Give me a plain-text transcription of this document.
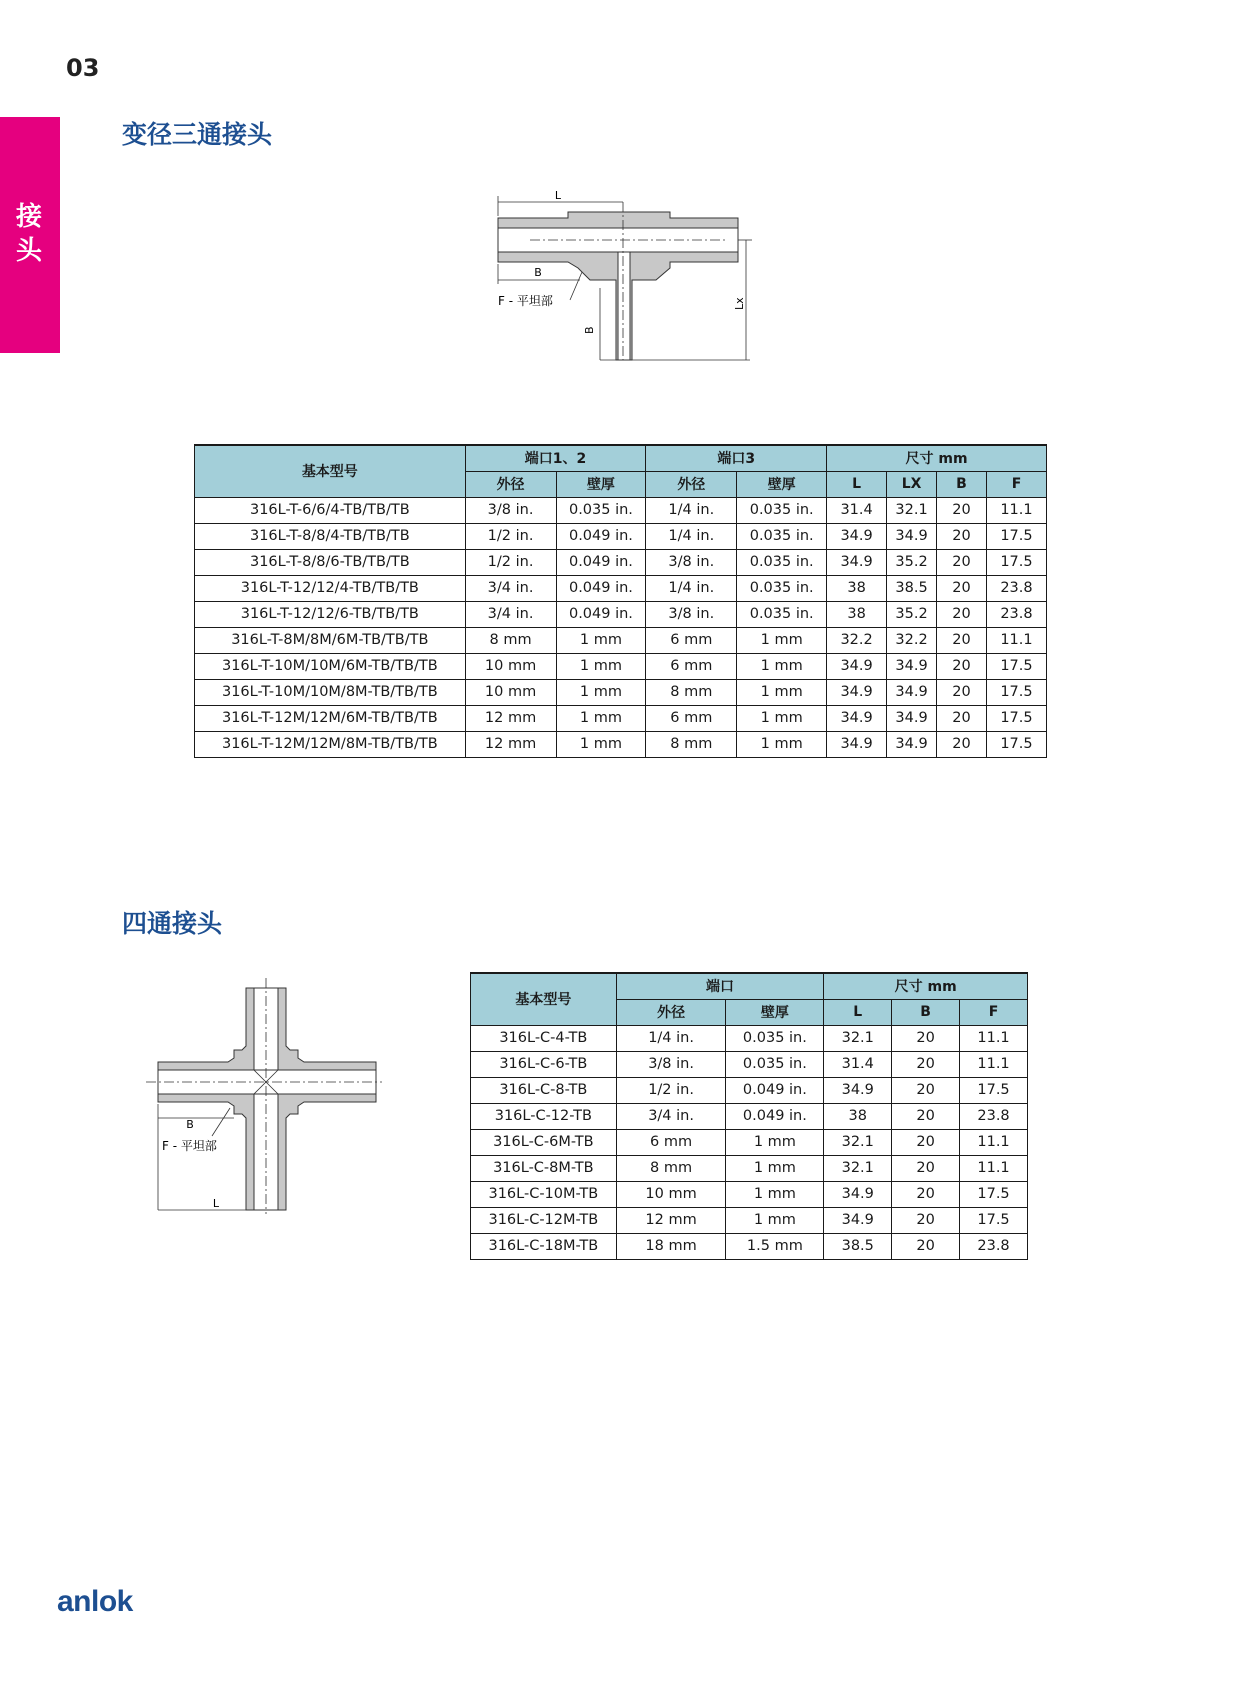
03
接
头
变径三通接头
L
B
F - 平坦部
B
Lx
基本型号	端口1、2		端口3		尺寸 mm			
	外径	壁厚	外径	壁厚	L	LX	B	F
316L-T-6/6/4-TB/TB/TB	3/8 in.	0.035 in.	1/4 in.	0.035 in.	31.4	32.1	20	11.1
316L-T-8/8/4-TB/TB/TB	1/2 in.	0.049 in.	1/4 in.	0.035 in.	34.9	34.9	20	17.5
316L-T-8/8/6-TB/TB/TB	1/2 in.	0.049 in.	3/8 in.	0.035 in.	34.9	35.2	20	17.5
316L-T-12/12/4-TB/TB/TB	3/4 in.	0.049 in.	1/4 in.	0.035 in.	38	38.5	20	23.8
316L-T-12/12/6-TB/TB/TB	3/4 in.	0.049 in.	3/8 in.	0.035 in.	38	35.2	20	23.8
316L-T-8M/8M/6M-TB/TB/TB	8 mm	1 mm	6 mm	1 mm	32.2	32.2	20	11.1
316L-T-10M/10M/6M-TB/TB/TB	10 mm	1 mm	6 mm	1 mm	34.9	34.9	20	17.5
316L-T-10M/10M/8M-TB/TB/TB	10 mm	1 mm	8 mm	1 mm	34.9	34.9	20	17.5
316L-T-12M/12M/6M-TB/TB/TB	12 mm	1 mm	6 mm	1 mm	34.9	34.9	20	17.5
316L-T-12M/12M/8M-TB/TB/TB	12 mm	1 mm	8 mm	1 mm	34.9	34.9	20	17.5
四通接头
B
F - 平坦部
L
基本型号	端口		尺寸 mm		
	外径	壁厚	L	B	F
316L-C-4-TB	1/4 in.	0.035 in.	32.1	20	11.1
316L-C-6-TB	3/8 in.	0.035 in.	31.4	20	11.1
316L-C-8-TB	1/2 in.	0.049 in.	34.9	20	17.5
316L-C-12-TB	3/4 in.	0.049 in.	38	20	23.8
316L-C-6M-TB	6 mm	1 mm	32.1	20	11.1
316L-C-8M-TB	8 mm	1 mm	32.1	20	11.1
316L-C-10M-TB	10 mm	1 mm	34.9	20	17.5
316L-C-12M-TB	12 mm	1 mm	34.9	20	17.5
316L-C-18M-TB	18 mm	1.5 mm	38.5	20	23.8
anlok
